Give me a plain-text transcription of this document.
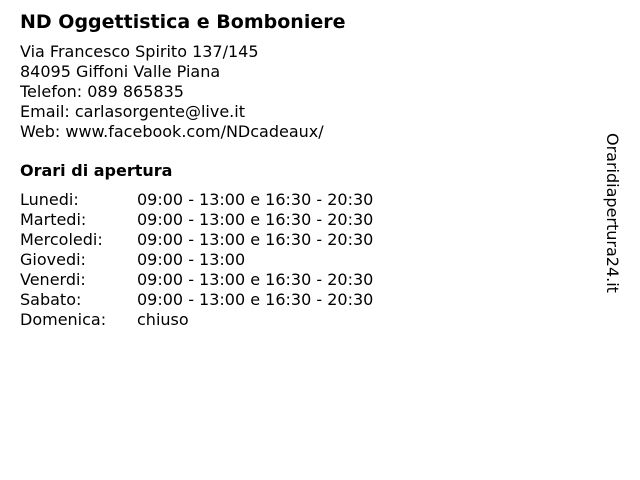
ND Oggettistica e Bomboniere
Via Francesco Spirito 137/145
84095 Giffoni Valle Piana
Telefon: 089 865835
Email: carlasorgente@live.it
Web: www.facebook.com/NDcadeaux/
Orari di apertura
Lunedi:	09:00 - 13:00 e 16:30 - 20:30
Martedi:	09:00 - 13:00 e 16:30 - 20:30
Mercoledi:	09:00 - 13:00 e 16:30 - 20:30
Giovedi:	09:00 - 13:00
Venerdi:	09:00 - 13:00 e 16:30 - 20:30
Sabato:	09:00 - 13:00 e 16:30 - 20:30
Domenica:	chiuso
Oraridiapertura24.it
